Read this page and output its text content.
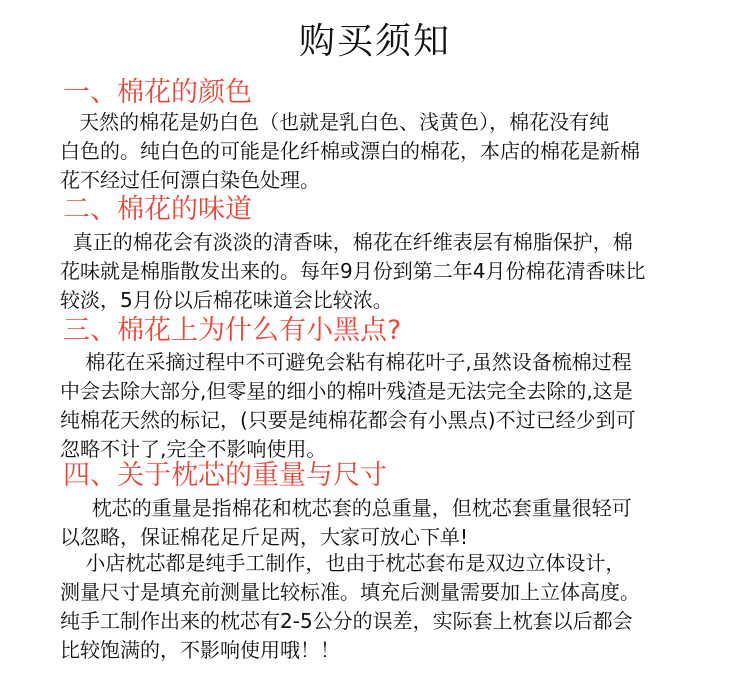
购买须知
一、棉花的颜色
天然的棉花是奶白色（也就是乳白色、浅黄色），棉花没有纯
白色的。纯白色的可能是化纤棉或漂白的棉花，本店的棉花是新棉
花不经过任何漂白染色处理。
二、棉花的味道
真正的棉花会有淡淡的清香味，棉花在纤维表层有棉脂保护，棉
花味就是棉脂散发出来的。每年9月份到第二年4月份棉花清香味比
较淡，5月份以后棉花味道会比较浓。
三、棉花上为什么有小黑点?
棉花在采摘过程中不可避免会粘有棉花叶子,虽然设备梳棉过程
中会去除大部分,但零星的细小的棉叶残渣是无法完全去除的,这是
纯棉花天然的标记，(只要是纯棉花都会有小黑点)不过已经少到可
忽略不计了,完全不影响使用。
四、关于枕芯的重量与尺寸
枕芯的重量是指棉花和枕芯套的总重量，但枕芯套重量很轻可
以忽略，保证棉花足斤足两，大家可放心下单!
小店枕芯都是纯手工制作，也由于枕芯套布是双边立体设计，
测量尺寸是填充前测量比较标准。填充后测量需要加上立体高度。
纯手工制作出来的枕芯有2-5公分的误差，实际套上枕套以后都会
比较饱满的，不影响使用哦！！
